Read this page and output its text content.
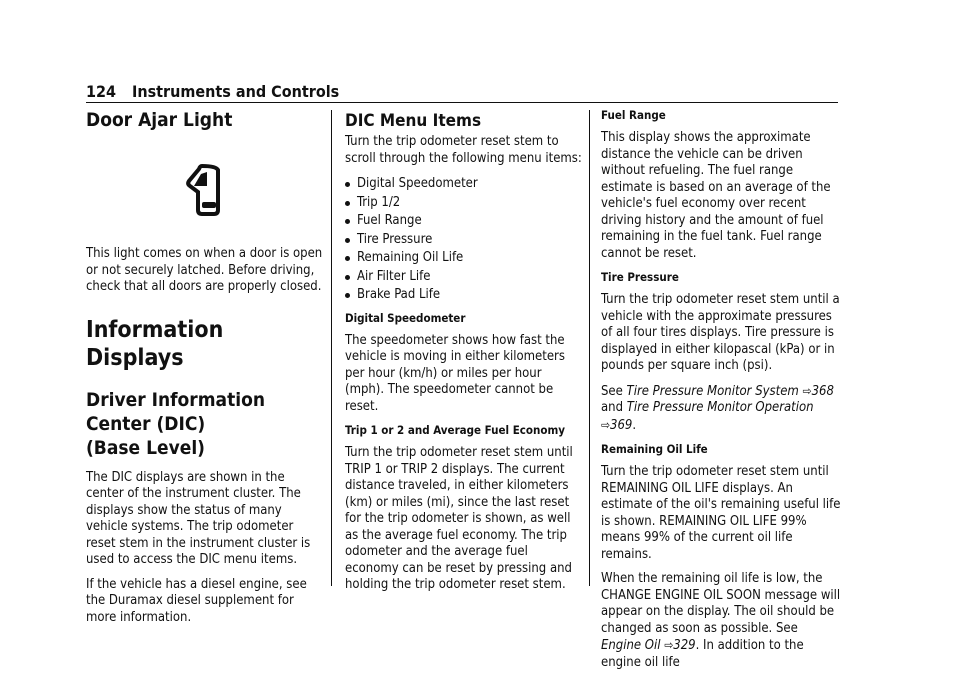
124 Instruments and Controls
Door Ajar Light

This light comes on when a door is open or not securely latched. Before driving, check that all doors are properly closed.

Information Displays
Driver Information Center (DIC)
(Base Level)

The DIC displays are shown in the center of the instrument cluster. The displays show the status of many vehicle systems. The trip odometer reset stem in the instrument cluster is used to access the DIC menu items.

If the vehicle has a diesel engine, see the Duramax diesel supplement for more information.

DIC Menu Items

Turn the trip odometer reset stem to scroll through the following menu items:

Digital Speedometer
Trip 1/2
Fuel Range
Tire Pressure
Remaining Oil Life
Air Filter Life
Brake Pad Life
Digital Speedometer

The speedometer shows how fast the vehicle is moving in either kilometers per hour (km/h) or miles per hour (mph). The speedometer cannot be reset.

Trip 1 or 2 and Average Fuel Economy

Turn the trip odometer reset stem until TRIP 1 or TRIP 2 displays. The current distance traveled, in either kilometers (km) or miles (mi), since the last reset for the trip odometer is shown, as well as the average fuel economy. The trip odometer and the average fuel economy can be reset by pressing and holding the trip odometer reset stem.

Fuel Range

This display shows the approximate distance the vehicle can be driven without refueling. The fuel range estimate is based on an average of the vehicle's fuel economy over recent driving history and the amount of fuel remaining in the fuel tank. Fuel range cannot be reset.

Tire Pressure

Turn the trip odometer reset stem until a vehicle with the approximate pressures of all four tires displays. Tire pressure is displayed in either kilopascal (kPa) or in pounds per square inch (psi).

See Tire Pressure Monitor System ⇨368 and Tire Pressure Monitor Operation ⇨369.

Remaining Oil Life

Turn the trip odometer reset stem until REMAINING OIL LIFE displays. An estimate of the oil's remaining useful life is shown. REMAINING OIL LIFE 99% means 99% of the current oil life remains.

When the remaining oil life is low, the CHANGE ENGINE OIL SOON message will appear on the display. The oil should be changed as soon as possible. See Engine Oil ⇨329. In addition to the engine oil life
